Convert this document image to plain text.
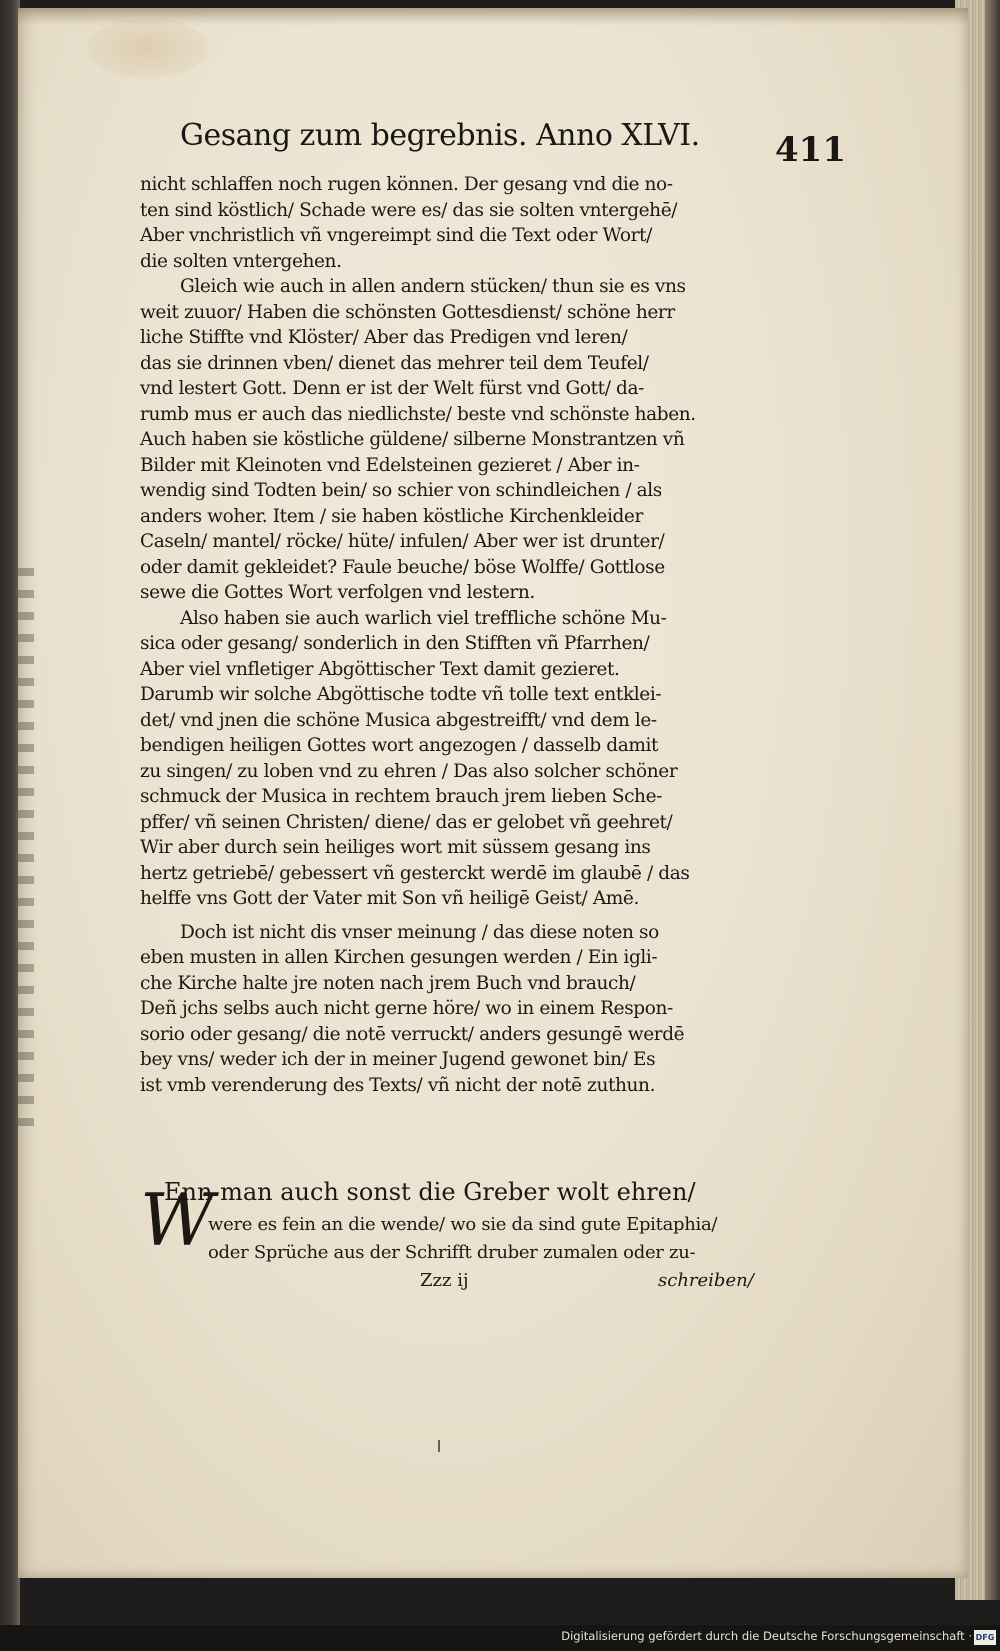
Gesang zum begrebnis. Anno XLVI. 411
nicht schlaffen noch rugen können. Der gesang vnd die no-
ten sind köstlich/ Schade were es/ das sie solten vntergehē/
Aber vnchristlich vñ vngereimpt sind die Text oder Wort/
die solten vntergehen.
Gleich wie auch in allen andern stücken/ thun sie es vns
weit zuuor/ Haben die schönsten Gottesdienst/ schöne herr
liche Stiffte vnd Klöster/ Aber das Predigen vnd leren/
das sie drinnen vben/ dienet das mehrer teil dem Teufel/
vnd lestert Gott. Denn er ist der Welt fürst vnd Gott/ da-
rumb mus er auch das niedlichste/ beste vnd schönste haben.
Auch haben sie köstliche güldene/ silberne Monstrantzen vñ
Bilder mit Kleinoten vnd Edelsteinen gezieret / Aber in-
wendig sind Todten bein/ so schier von schindleichen / als
anders woher. Item / sie haben köstliche Kirchenkleider
Caseln/ mantel/ röcke/ hüte/ infulen/ Aber wer ist drunter/
oder damit gekleidet? Faule beuche/ böse Wolffe/ Gottlose
sewe die Gottes Wort verfolgen vnd lestern.
Also haben sie auch warlich viel treffliche schöne Mu-
sica oder gesang/ sonderlich in den Stifften vñ Pfarrhen/
Aber viel vnfletiger Abgöttischer Text damit gezieret.
Darumb wir solche Abgöttische todte vñ tolle text entklei-
det/ vnd jnen die schöne Musica abgestreifft/ vnd dem le-
bendigen heiligen Gottes wort angezogen / dasselb damit
zu singen/ zu loben vnd zu ehren / Das also solcher schöner
schmuck der Musica in rechtem brauch jrem lieben Sche-
pffer/ vñ seinen Christen/ diene/ das er gelobet vñ geehret/
Wir aber durch sein heiliges wort mit süssem gesang ins
hertz getriebē/ gebessert vñ gesterckt werdē im glaubē / das
helffe vns Gott der Vater mit Son vñ heiligē Geist/ Amē.
Doch ist nicht dis vnser meinung / das diese noten so
eben musten in allen Kirchen gesungen werden / Ein igli-
che Kirche halte jre noten nach jrem Buch vnd brauch/
Deñ jchs selbs auch nicht gerne höre/ wo in einem Respon-
sorio oder gesang/ die notē verruckt/ anders gesungē werdē
bey vns/ weder ich der in meiner Jugend gewonet bin/ Es
ist vmb verenderung des Texts/ vñ nicht der notē zuthun.
W
Enn man auch sonst die Greber wolt ehren/
were es fein an die wende/ wo sie da sind gute Epitaphia/
oder Sprüche aus der Schrifft druber zumalen oder zu-
Zzz ij	schreiben/
Digitalisierung gefördert durch die Deutsche Forschungsgemeinschaft · DFG
